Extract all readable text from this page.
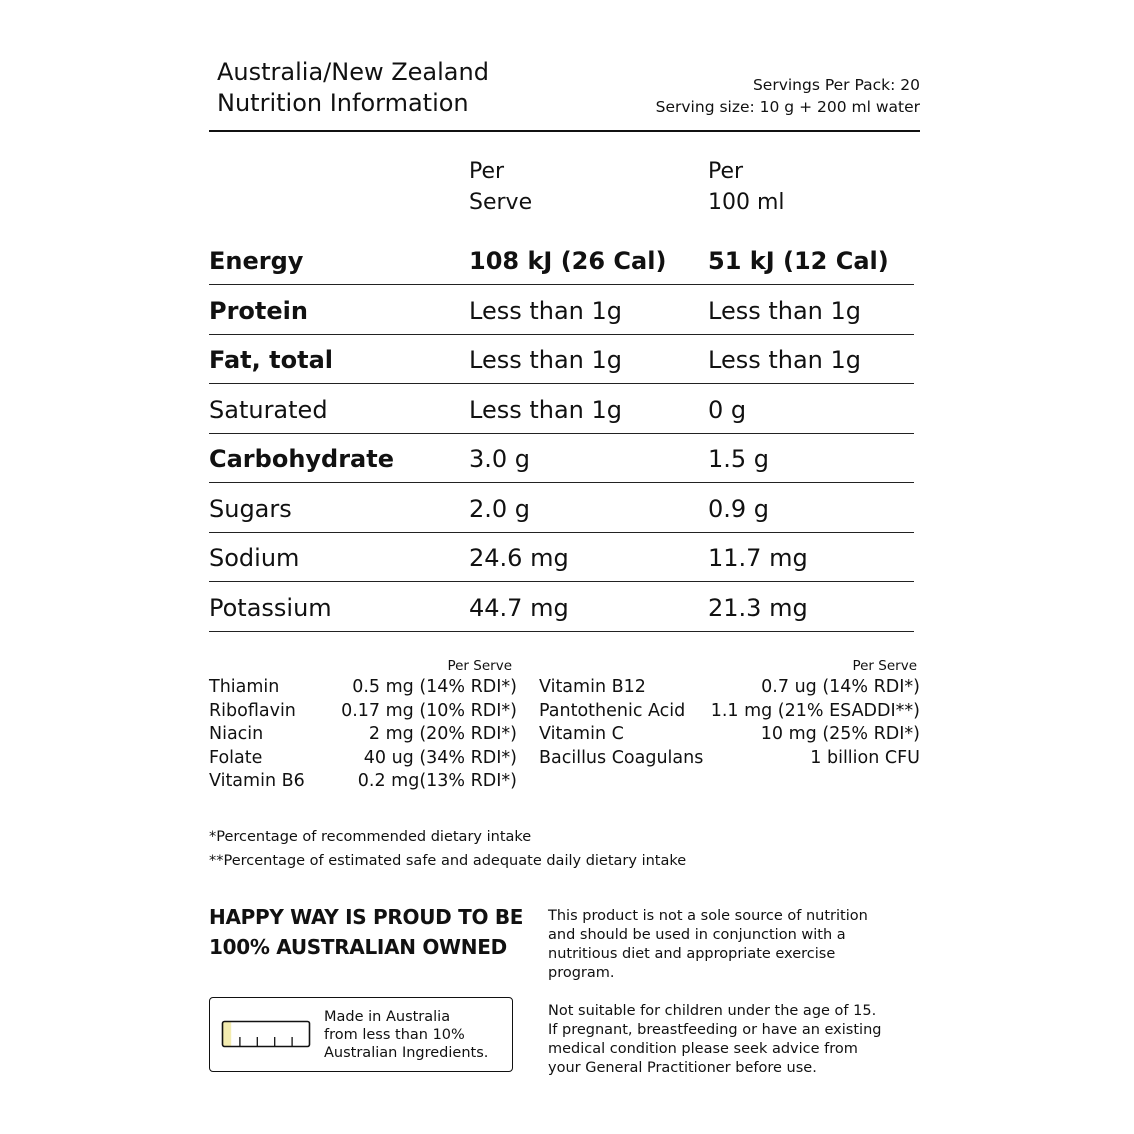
Australia/New Zealand
Nutrition Information
Servings Per Pack: 20
Serving size: 10 g + 200 ml water
Per
Serve
Per
100 ml
Energy	108 kJ (26 Cal) 51 kJ (12 Cal)
Protein	Less than 1g	Less than 1g
Fat, total	Less than 1g	Less than 1g
Saturated	Less than 1g	0 g
Carbohydrate	3.0 g	1.5 g
Sugars	2.0 g	0.9 g
Sodium	24.6 mg	11.7 mg
Potassium	44.7 mg	21.3 mg
Per Serve
Thiamin	0.5 mg (14% RDI*)
Riboflavin	0.17 mg (10% RDI*)
Niacin	2 mg (20% RDI*)
Folate	40 ug (34% RDI*)
Vitamin B6	0.2 mg(13% RDI*)
Per Serve
Vitamin B12	0.7 ug (14% RDI*)
Pantothenic Acid 1.1 mg (21% ESADDI**)
Vitamin C	10 mg (25% RDI*)
Bacillus Coagulans	1 billion CFU
*Percentage of recommended dietary intake
**Percentage of estimated safe and adequate daily dietary intake
HAPPY WAY IS PROUD TO BE
100% AUSTRALIAN OWNED
Made in Australia
from less than 10%
Australian Ingredients.

This product is not a sole source of nutrition
and should be used in conjunction with a
nutritious diet and appropriate exercise
program.

Not suitable for children under the age of 15.
If pregnant, breastfeeding or have an existing
medical condition please seek advice from
your General Practitioner before use.
